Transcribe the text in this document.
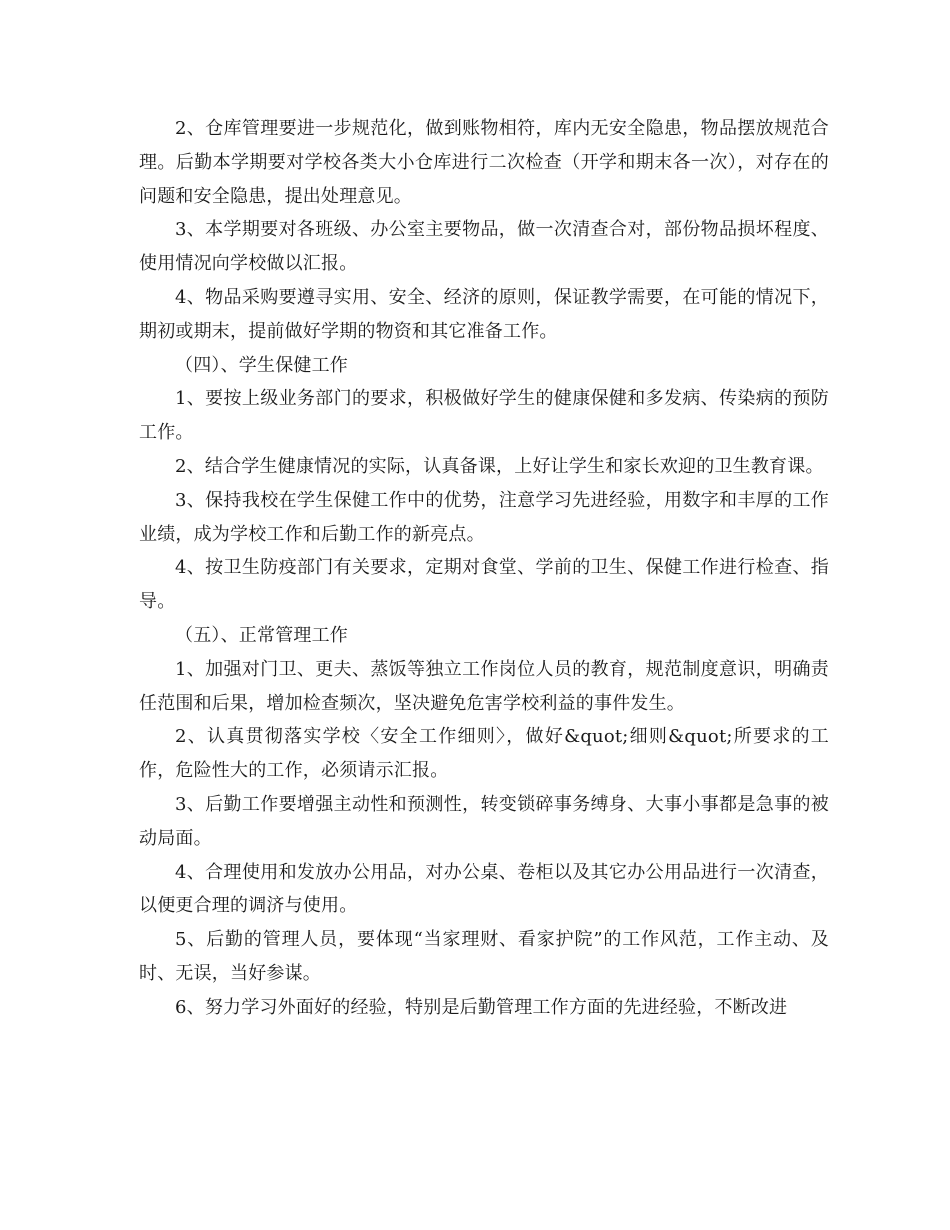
2、仓库管理要进一步规范化，做到账物相符，库内无安全隐患，物品摆放规范合理。后勤本学期要对学校各类大小仓库进行二次检查（开学和期末各一次），对存在的问题和安全隐患，提出处理意见。

3、本学期要对各班级、办公室主要物品，做一次清查合对，部份物品损坏程度、使用情况向学校做以汇报。

4、物品采购要遵寻实用、安全、经济的原则，保证教学需要，在可能的情况下，期初或期末，提前做好学期的物资和其它准备工作。

（四）、学生保健工作

1、要按上级业务部门的要求，积极做好学生的健康保健和多发病、传染病的预防工作。

2、结合学生健康情况的实际，认真备课，上好让学生和家长欢迎的卫生教育课。

3、保持我校在学生保健工作中的优势，注意学习先进经验，用数字和丰厚的工作业绩，成为学校工作和后勤工作的新亮点。

4、按卫生防疫部门有关要求，定期对食堂、学前的卫生、保健工作进行检查、指导。

（五）、正常管理工作

1、加强对门卫、更夫、蒸饭等独立工作岗位人员的教育，规范制度意识，明确责任范围和后果，增加检查频次，坚决避免危害学校利益的事件发生。

2、认真贯彻落实学校〈安全工作细则〉，做好&quot;细则&quot;所要求的工作，危险性大的工作，必须请示汇报。

3、后勤工作要增强主动性和预测性，转变锁碎事务缚身、大事小事都是急事的被动局面。

4、合理使用和发放办公用品，对办公桌、卷柜以及其它办公用品进行一次清查，以便更合理的调济与使用。

5、后勤的管理人员，要体现“当家理财、看家护院”的工作风范，工作主动、及时、无误，当好参谋。

6、努力学习外面好的经验，特别是后勤管理工作方面的先进经验，不断改进
